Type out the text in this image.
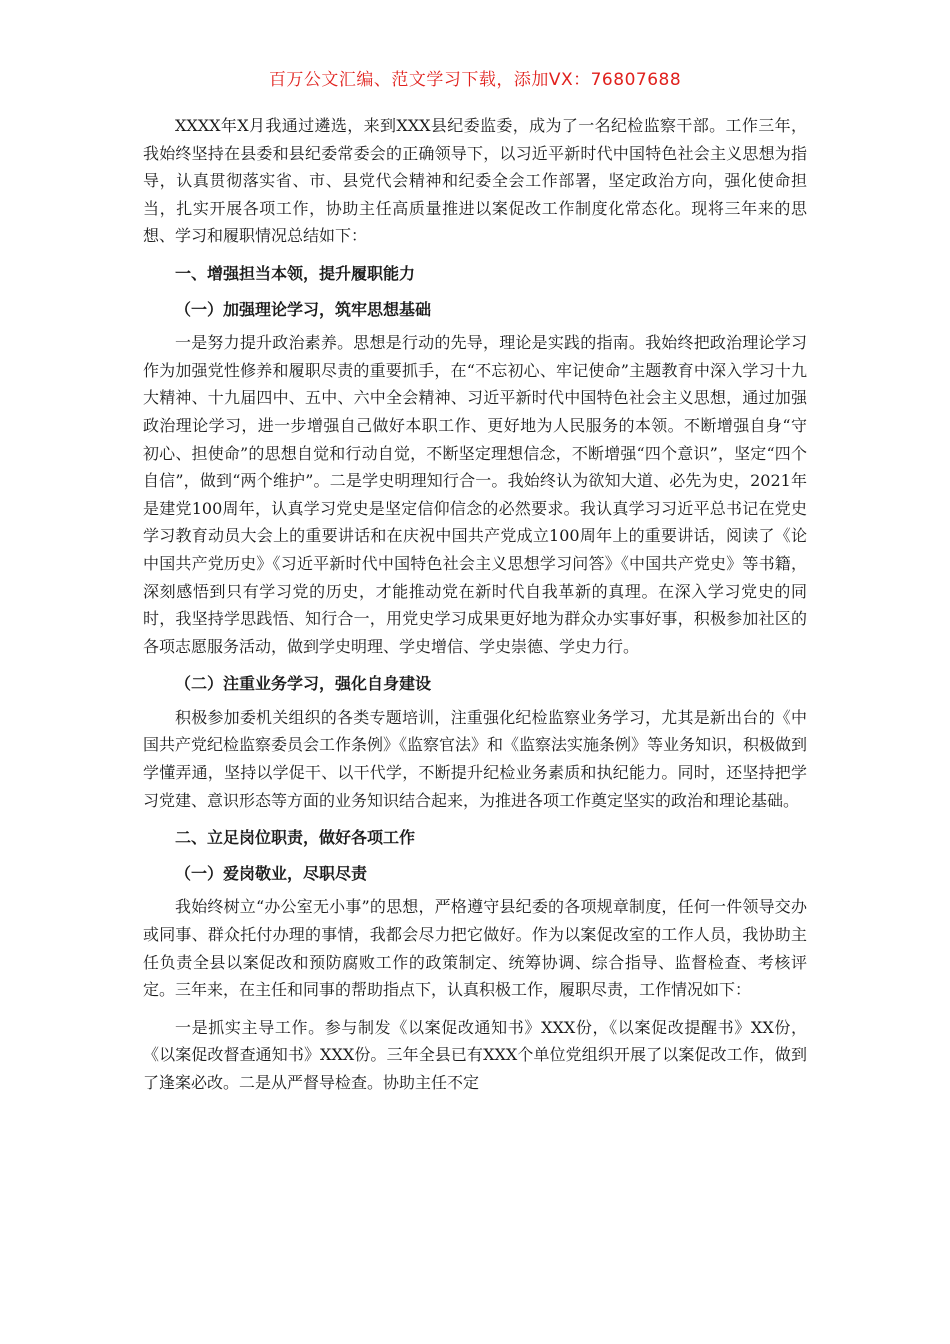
百万公文汇编、范文学习下载，添加VX：76807688

XXXX年X月我通过遴选，来到XXX县纪委监委，成为了一名纪检监察干部。工作三年，我始终坚持在县委和县纪委常委会的正确领导下，以习近平新时代中国特色社会主义思想为指导，认真贯彻落实省、市、县党代会精神和纪委全会工作部署，坚定政治方向，强化使命担当，扎实开展各项工作，协助主任高质量推进以案促改工作制度化常态化。现将三年来的思想、学习和履职情况总结如下：

一、增强担当本领，提升履职能力
（一）加强理论学习，筑牢思想基础

一是努力提升政治素养。思想是行动的先导，理论是实践的指南。我始终把政治理论学习作为加强党性修养和履职尽责的重要抓手，在“不忘初心、牢记使命”主题教育中深入学习十九大精神、十九届四中、五中、六中全会精神、习近平新时代中国特色社会主义思想，通过加强政治理论学习，进一步增强自己做好本职工作、更好地为人民服务的本领。不断增强自身“守初心、担使命”的思想自觉和行动自觉，不断坚定理想信念，不断增强“四个意识”，坚定“四个自信”，做到“两个维护”。二是学史明理知行合一。我始终认为欲知大道、必先为史，2021年是建党100周年，认真学习党史是坚定信仰信念的必然要求。我认真学习习近平总书记在党史学习教育动员大会上的重要讲话和在庆祝中国共产党成立100周年上的重要讲话，阅读了《论中国共产党历史》《习近平新时代中国特色社会主义思想学习问答》《中国共产党史》等书籍，深刻感悟到只有学习党的历史，才能推动党在新时代自我革新的真理。在深入学习党史的同时，我坚持学思践悟、知行合一，用党史学习成果更好地为群众办实事好事，积极参加社区的各项志愿服务活动，做到学史明理、学史增信、学史崇德、学史力行。

（二）注重业务学习，强化自身建设

积极参加委机关组织的各类专题培训，注重强化纪检监察业务学习，尤其是新出台的《中国共产党纪检监察委员会工作条例》《监察官法》和《监察法实施条例》等业务知识，积极做到学懂弄通，坚持以学促干、以干代学，不断提升纪检业务素质和执纪能力。同时，还坚持把学习党建、意识形态等方面的业务知识结合起来，为推进各项工作奠定坚实的政治和理论基础。

二、立足岗位职责，做好各项工作
（一）爱岗敬业，尽职尽责

我始终树立“办公室无小事”的思想，严格遵守县纪委的各项规章制度，任何一件领导交办或同事、群众托付办理的事情，我都会尽力把它做好。作为以案促改室的工作人员，我协助主任负责全县以案促改和预防腐败工作的政策制定、统筹协调、综合指导、监督检查、考核评定。三年来，在主任和同事的帮助指点下，认真积极工作，履职尽责，工作情况如下：

一是抓实主导工作。参与制发《以案促改通知书》XXX份，《以案促改提醒书》XX份，《以案促改督查通知书》XXX份。三年全县已有XXX个单位党组织开展了以案促改工作，做到了逢案必改。二是从严督导检查。协助主任不定
